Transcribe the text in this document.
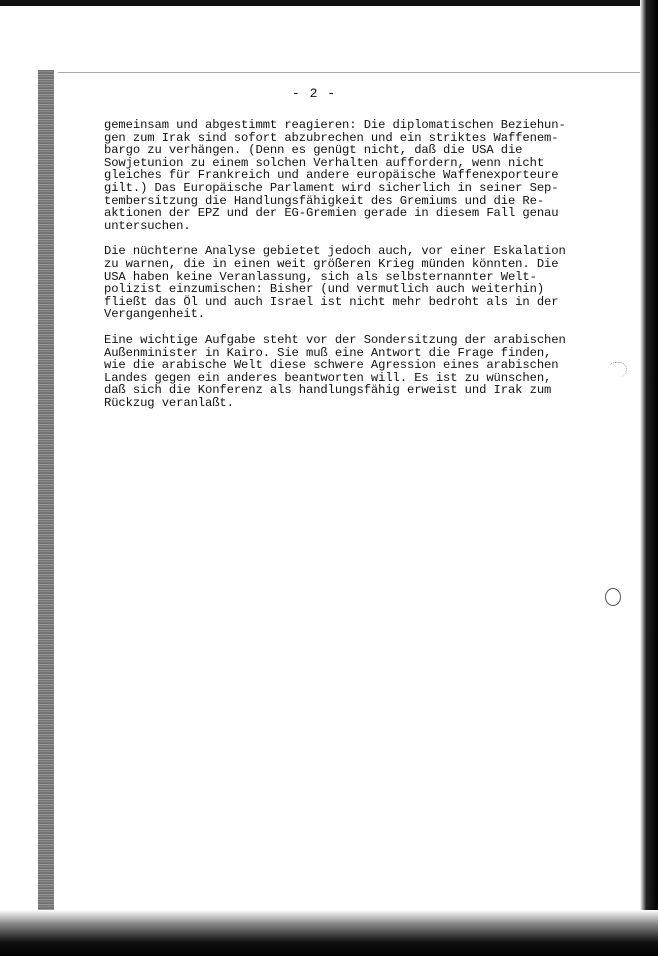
- 2 -
gemeinsam und abgestimmt reagieren: Die diplomatischen Beziehun-
gen zum Irak sind sofort abzubrechen und ein striktes Waffenem-
bargo zu verhängen. (Denn es genügt nicht, daß die USA die
Sowjetunion zu einem solchen Verhalten auffordern, wenn nicht
gleiches für Frankreich und andere europäische Waffenexporteure
gilt.) Das Europäische Parlament wird sicherlich in seiner Sep-
tembersitzung die Handlungsfähigkeit des Gremiums und die Re-
aktionen der EPZ und der EG-Gremien gerade in diesem Fall genau
untersuchen.
Die nüchterne Analyse gebietet jedoch auch, vor einer Eskalation
zu warnen, die in einen weit größeren Krieg münden könnten. Die
USA haben keine Veranlassung, sich als selbsternannter Welt-
polizist einzumischen: Bisher (und vermutlich auch weiterhin)
fließt das Öl und auch Israel ist nicht mehr bedroht als in der
Vergangenheit.
Eine wichtige Aufgabe steht vor der Sondersitzung der arabischen
Außenminister in Kairo. Sie muß eine Antwort die Frage finden,
wie die arabische Welt diese schwere Agression eines arabischen
Landes gegen ein anderes beantworten will. Es ist zu wünschen,
daß sich die Konferenz als handlungsfähig erweist und Irak zum
Rückzug veranlaßt.
